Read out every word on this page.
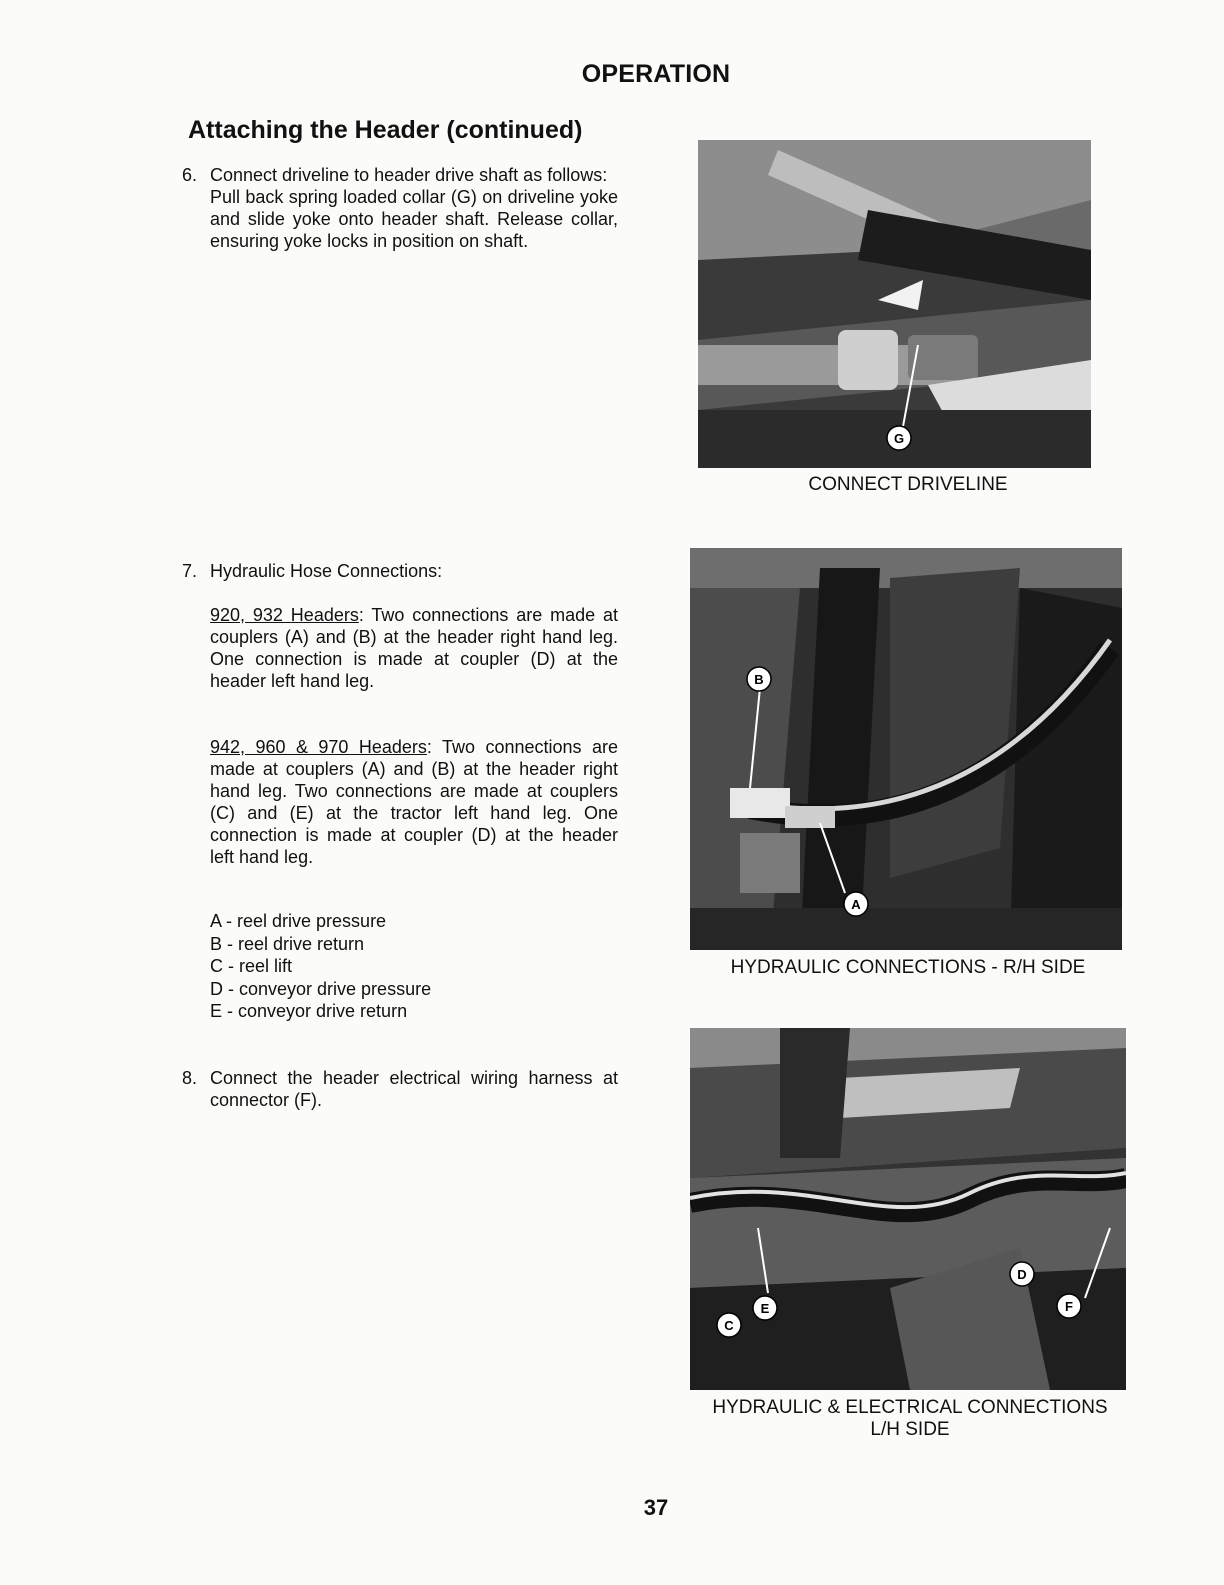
OPERATION
Attaching the Header (continued)
6. Connect driveline to header drive shaft as follows:
Pull back spring loaded collar (G) on driveline yoke and slide yoke onto header shaft. Release collar, ensuring yoke locks in position on shaft.
7. Hydraulic Hose Connections:
920, 932 Headers: Two connections are made at couplers (A) and (B) at the header right hand leg. One connection is made at coupler (D) at the header left hand leg.
942, 960 & 970 Headers: Two connections are made at couplers (A) and (B) at the header right hand leg. Two connections are made at couplers (C) and (E) at the tractor left hand leg. One connection is made at coupler (D) at the header left hand leg.
A - reel drive pressure
B - reel drive return
C - reel lift
D - conveyor drive pressure
E - conveyor drive return
8. Connect the header electrical wiring harness at connector (F).
G
CONNECT DRIVELINE
B
A
HYDRAULIC CONNECTIONS - R/H SIDE
D
E	F
C
HYDRAULIC & ELECTRICAL CONNECTIONS
L/H SIDE
37
